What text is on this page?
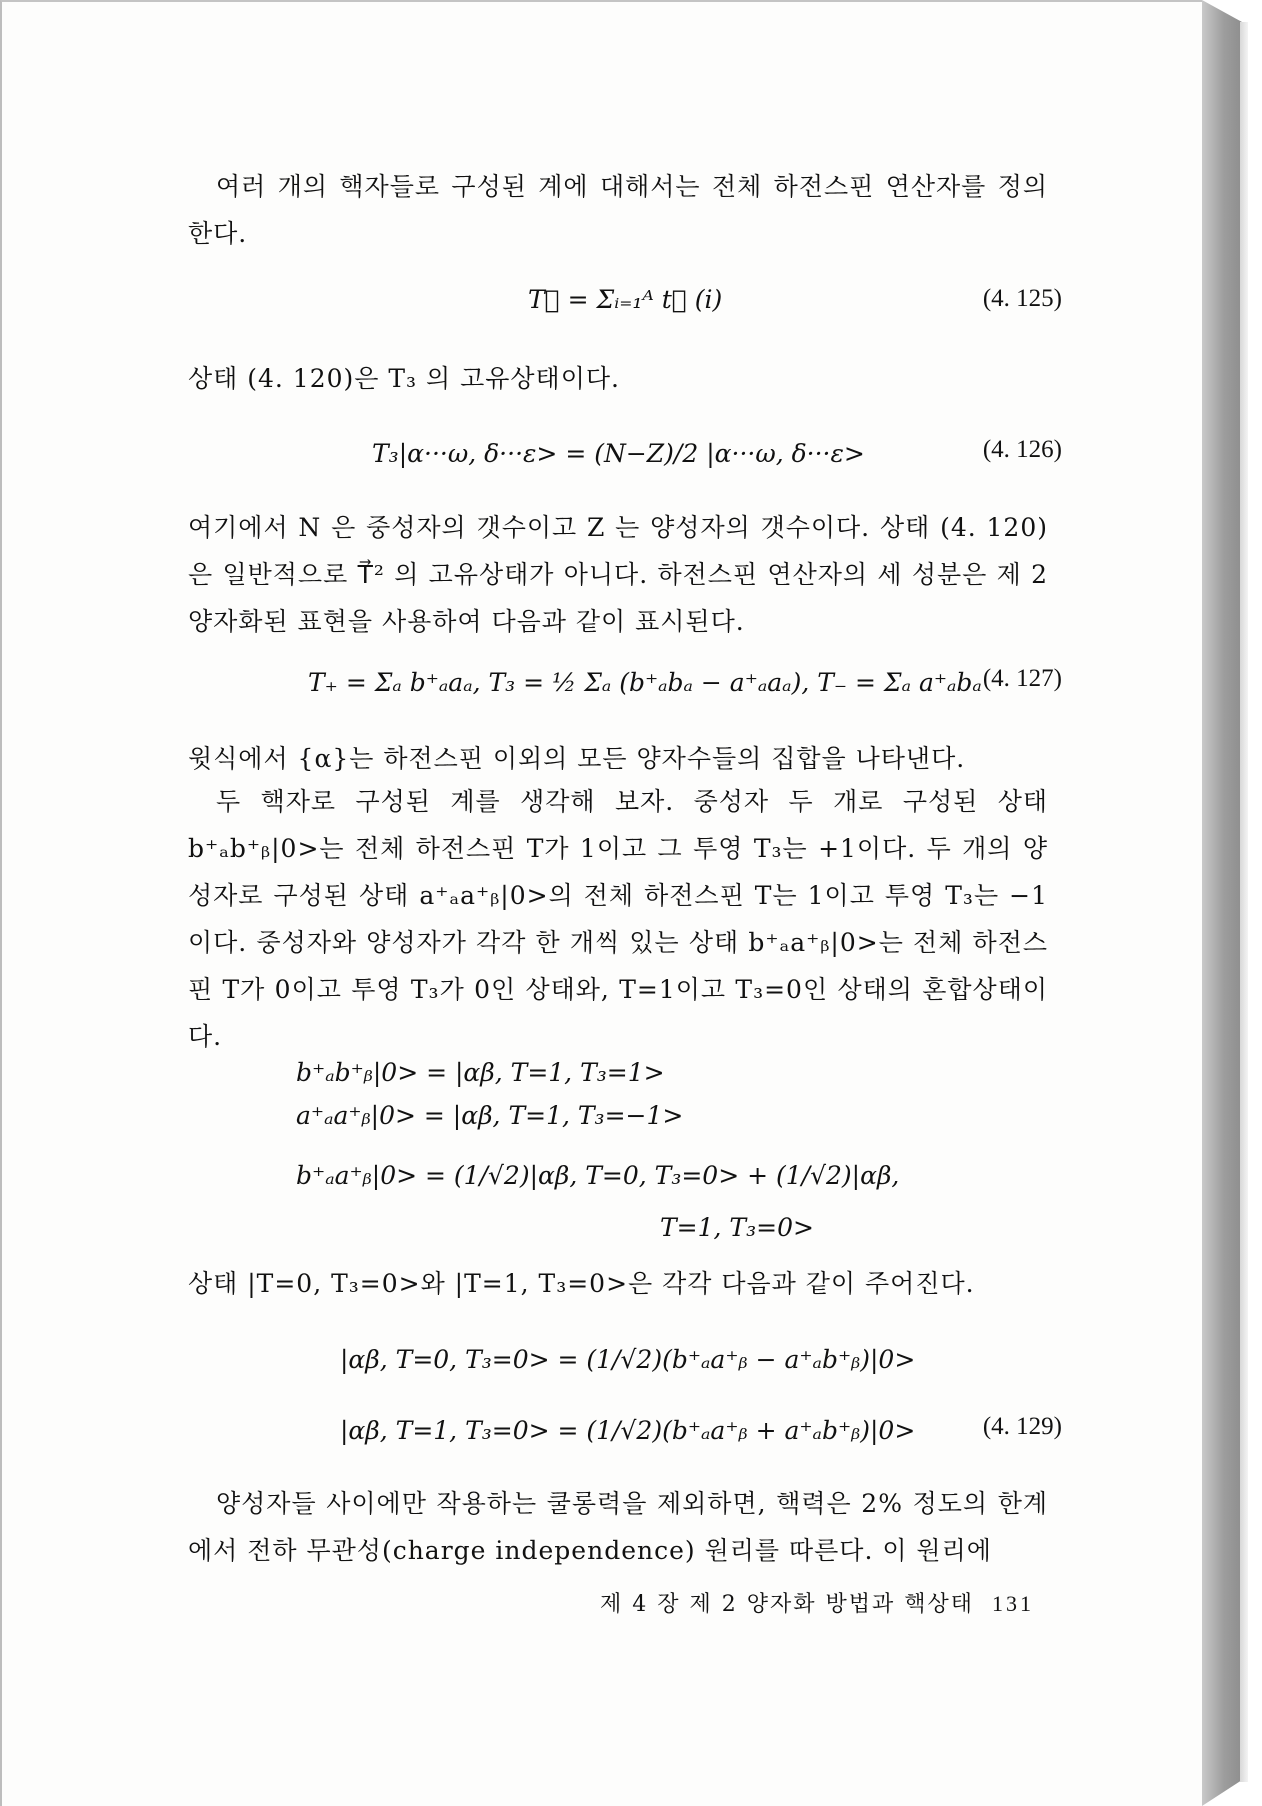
여러 개의 핵자들로 구성된 계에 대해서는 전체 하전스핀 연산자를 정의한다.
T⃗ = Σᵢ₌₁ᴬ t⃗ (i)	(4. 125)
상태 (4. 120)은 T₃ 의 고유상태이다.
T₃|α···ω, δ···ε> = (N−Z)/2 |α···ω, δ···ε>	(4. 126)
여기에서 N 은 중성자의 갯수이고 Z 는 양성자의 갯수이다. 상태 (4. 120) 은 일반적으로 T⃗² 의 고유상태가 아니다. 하전스핀 연산자의 세 성분은 제 2 양자화된 표현을 사용하여 다음과 같이 표시된다.
T₊ = Σₐ b⁺ₐaₐ, T₃ = ½ Σₐ (b⁺ₐbₐ − a⁺ₐaₐ), T₋ = Σₐ a⁺ₐbₐ (4. 127)
윗식에서 {α}는 하전스핀 이외의 모든 양자수들의 집합을 나타낸다.
두 핵자로 구성된 계를 생각해 보자. 중성자 두 개로 구성된 상태 b⁺ₐb⁺ᵦ|0>는 전체 하전스핀 T가 1이고 그 투영 T₃는 +1이다. 두 개의 양성자로 구성된 상태 a⁺ₐa⁺ᵦ|0>의 전체 하전스핀 T는 1이고 투영 T₃는 −1이다. 중성자와 양성자가 각각 한 개씩 있는 상태 b⁺ₐa⁺ᵦ|0>는 전체 하전스핀 T가 0이고 투영 T₃가 0인 상태와, T=1이고 T₃=0인 상태의 혼합상태이다.
b⁺ₐb⁺ᵦ|0> = |αβ, T=1, T₃=1>
a⁺ₐa⁺ᵦ|0> = |αβ, T=1, T₃=−1>
b⁺ₐa⁺ᵦ|0> = (1/√2)|αβ, T=0, T₃=0> + (1/√2)|αβ,
T=1, T₃=0>
상태 |T=0, T₃=0>와 |T=1, T₃=0>은 각각 다음과 같이 주어진다.
|αβ, T=0, T₃=0> = (1/√2)(b⁺ₐa⁺ᵦ − a⁺ₐb⁺ᵦ)|0>
|αβ, T=1, T₃=0> = (1/√2)(b⁺ₐa⁺ᵦ + a⁺ₐb⁺ᵦ)|0>	(4. 129)
양성자들 사이에만 작용하는 쿨롱력을 제외하면, 핵력은 2% 정도의 한계에서 전하 무관성(charge independence) 원리를 따른다. 이 원리에
제 4 장 제 2 양자화 방법과 핵상태 131
